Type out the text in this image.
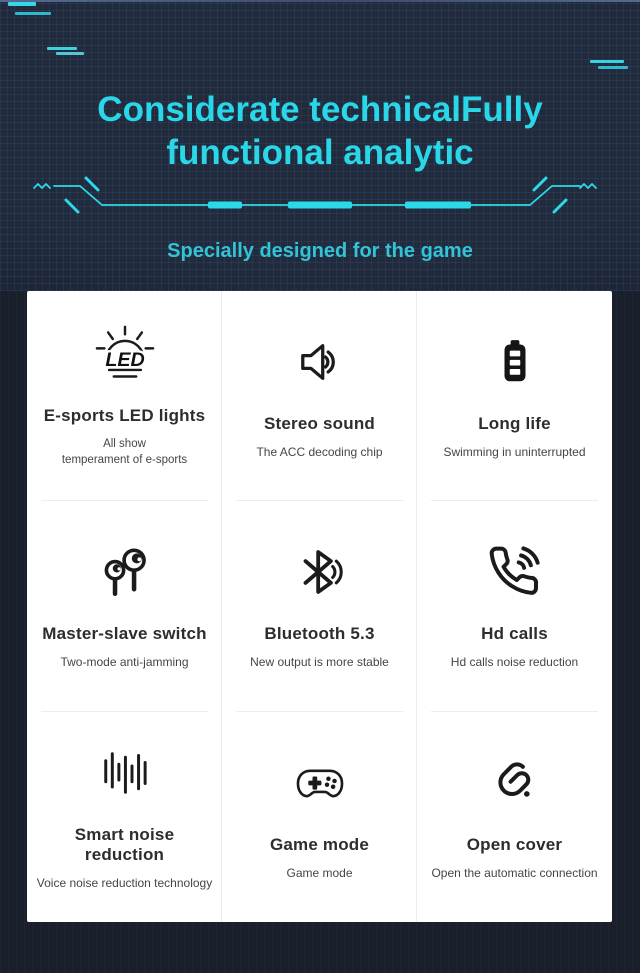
Considerate technicalFully
functional analytic
Specially designed for the game
LED
E-sports LED lights
All show
temperament of e-sports
Stereo sound
The ACC decoding chip
Long life
Swimming in uninterrupted
Master-slave switch
Two-mode anti-jamming
Bluetooth 5.3
New output is more stable
Hd calls
Hd calls noise reduction
Smart noise reduction
Voice noise reduction technology
Game mode
Game mode
Open cover
Open the automatic connection
